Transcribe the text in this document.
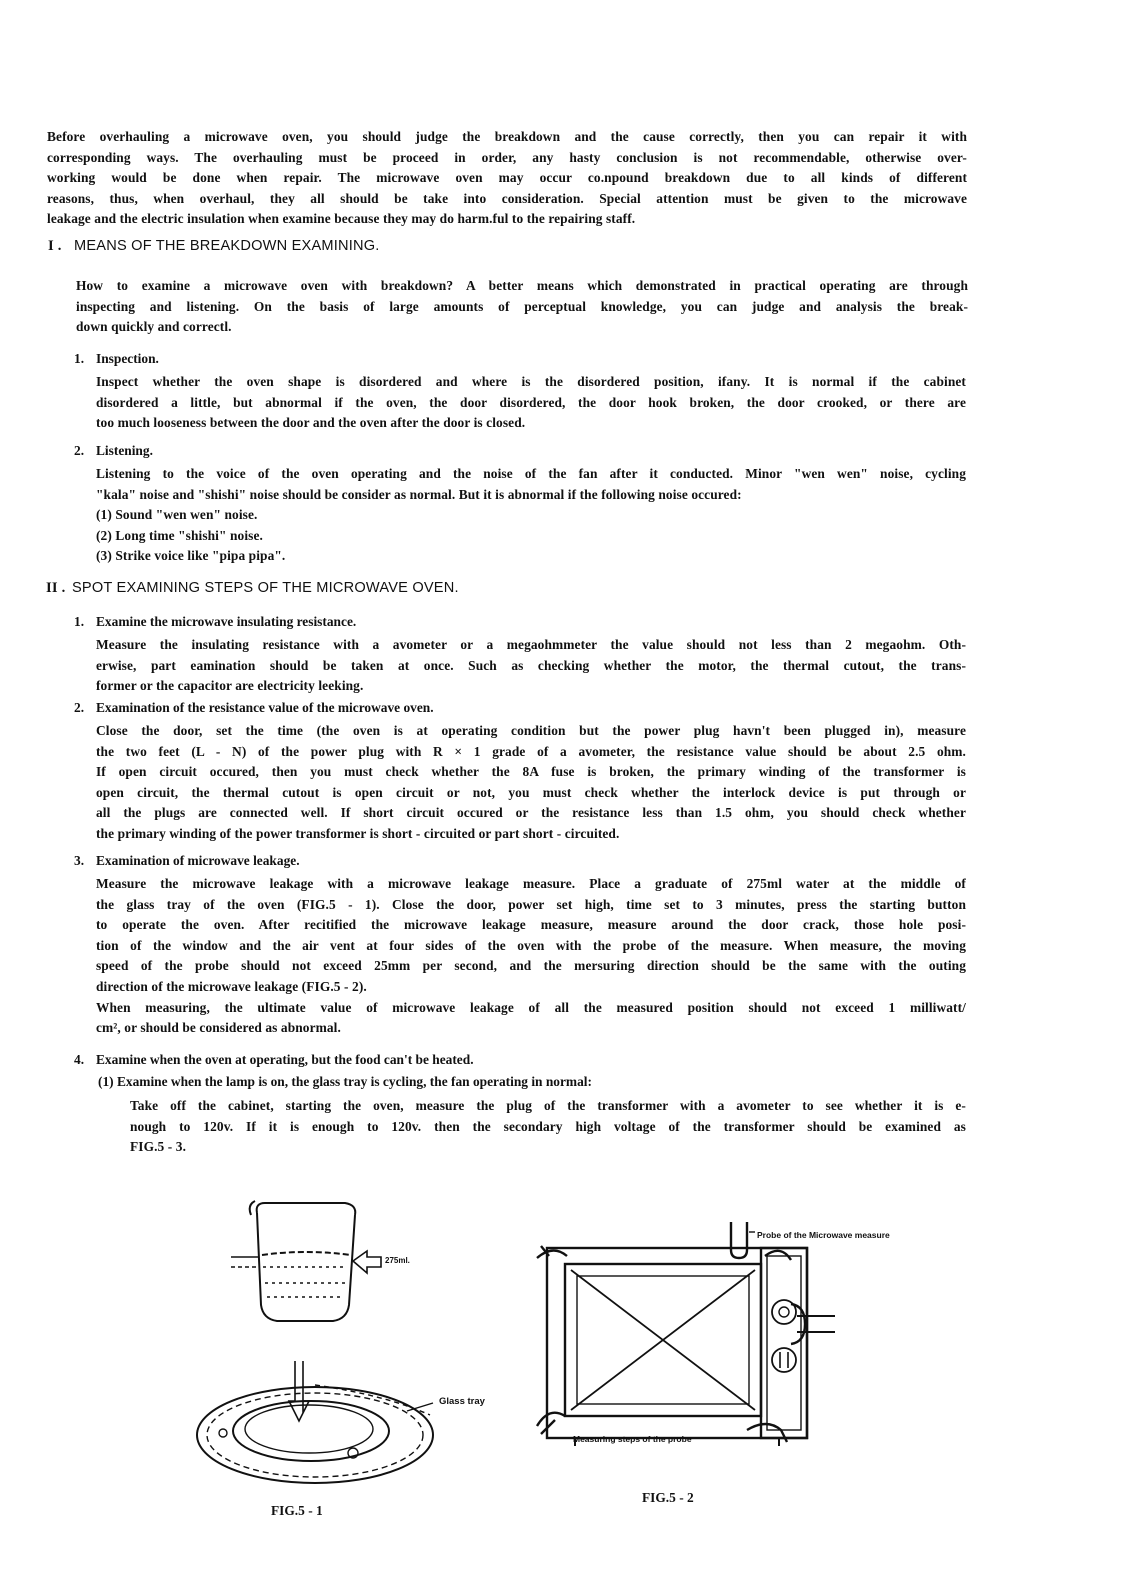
Before overhauling a microwave oven, you should judge the breakdown and the cause correctly, then you can repair it with
corresponding ways. The overhauling must be proceed in order, any hasty conclusion is not recommendable, otherwise over-
working would be done when repair. The microwave oven may occur co.npound breakdown due to all kinds of different
reasons, thus, when overhaul, they all should be take into consideration. Special attention must be given to the microwave
leakage and the electric insulation when examine because they may do harm.ful to the repairing staff.
I . MEANS OF THE BREAKDOWN EXAMINING.
How to examine a microwave oven with breakdown? A better means which demonstrated in practical operating are through
inspecting and listening. On the basis of large amounts of perceptual knowledge, you can judge and analysis the break-
down quickly and correctl.
1. Inspection.
Inspect whether the oven shape is disordered and where is the disordered position, ifany. It is normal if the cabinet
disordered a little, but abnormal if the oven, the door disordered, the door hook broken, the door crooked, or there are
too much looseness between the door and the oven after the door is closed.
2. Listening.
Listening to the voice of the oven operating and the noise of the fan after it conducted. Minor "wen wen" noise, cycling
"kala" noise and "shishi" noise should be consider as normal. But it is abnormal if the following noise occured:
(1) Sound "wen wen" noise.
(2) Long time "shishi" noise.
(3) Strike voice like "pipa pipa".
II . SPOT EXAMINING STEPS OF THE MICROWAVE OVEN.
1. Examine the microwave insulating resistance.
Measure the insulating resistance with a avometer or a megaohmmeter the value should not less than 2 megaohm. Oth-
erwise, part eamination should be taken at once. Such as checking whether the motor, the thermal cutout, the trans-
former or the capacitor are electricity leeking.
2. Examination of the resistance value of the microwave oven.
Close the door, set the time (the oven is at operating condition but the power plug havn't been plugged in), measure
the two feet (L - N) of the power plug with R × 1 grade of a avometer, the resistance value should be about 2.5 ohm.
If open circuit occured, then you must check whether the 8A fuse is broken, the primary winding of the transformer is
open circuit, the thermal cutout is open circuit or not, you must check whether the interlock device is put through or
all the plugs are connected well. If short circuit occured or the resistance less than 1.5 ohm, you should check whether
the primary winding of the power transformer is short - circuited or part short - circuited.
3. Examination of microwave leakage.
Measure the microwave leakage with a microwave leakage measure. Place a graduate of 275ml water at the middle of
the glass tray of the oven (FIG.5 - 1). Close the door, power set high, time set to 3 minutes, press the starting button
to operate the oven. After recitified the microwave leakage measure, measure around the door crack, those hole posi-
tion of the window and the air vent at four sides of the oven with the probe of the measure. When measure, the moving
speed of the probe should not exceed 25mm per second, and the mersuring direction should be the same with the outing
direction of the microwave leakage (FIG.5 - 2).
When measuring, the ultimate value of microwave leakage of all the measured position should not exceed 1 milliwatt/
cm², or should be considered as abnormal.
4. Examine when the oven at operating, but the food can't be heated.
(1) Examine when the lamp is on, the glass tray is cycling, the fan operating in normal:
Take off the cabinet, starting the oven, measure the plug of the transformer with a avometer to see whether it is e-
nough to 120v. If it is enough to 120v. then the secondary high voltage of the transformer should be examined as
FIG.5 - 3.
275ml.
Glass tray
FIG.5 - 1
Probe of the Microwave measure
Measuring steps of the probe
FIG.5 - 2
